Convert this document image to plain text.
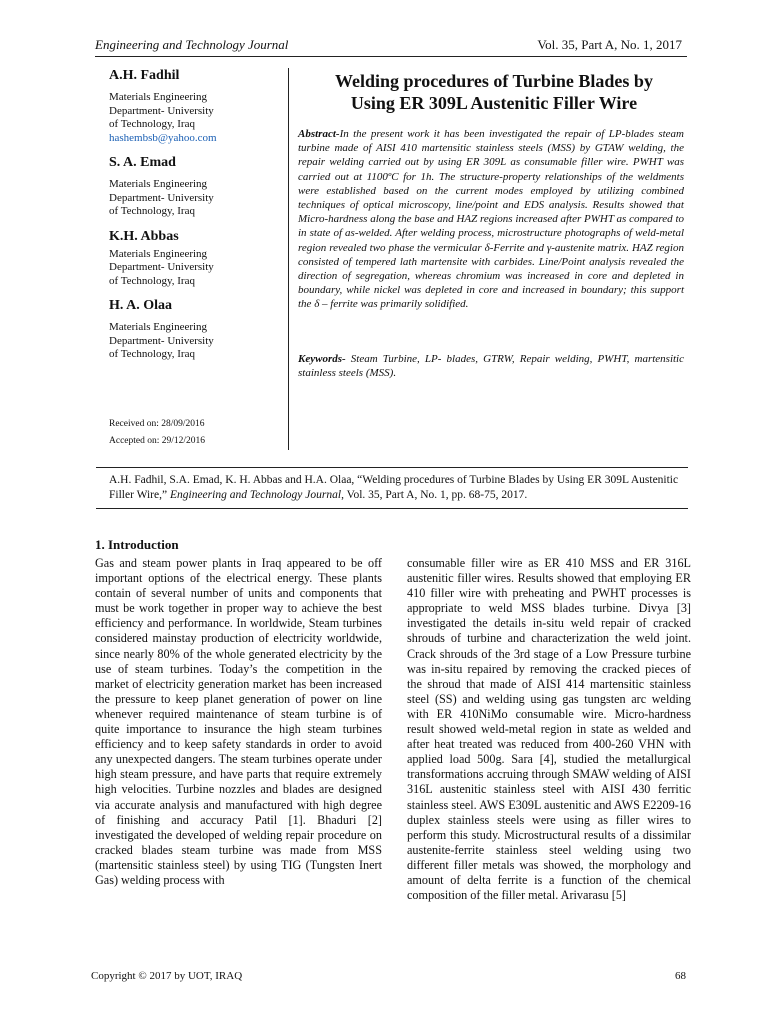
Engineering and Technology Journal	Vol. 35, Part A, No. 1, 2017
A.H. Fadhil
Materials Engineering
Department- University
of Technology, Iraq
hashembsb@yahoo.com
S. A. Emad
Materials Engineering
Department- University
of Technology, Iraq
K.H. Abbas
Materials Engineering
Department- University
of Technology, Iraq
H. A. Olaa
Materials Engineering
Department- University
of Technology, Iraq
Received on: 28/09/2016
Accepted on: 29/12/2016
Welding procedures of Turbine Blades by
Using ER 309L Austenitic Filler Wire
Abstract-In the present work it has been investigated the repair of LP-blades steam turbine made of AISI 410 martensitic stainless steels (MSS) by GTAW welding, the repair welding carried out by using ER 309L as consumable filler wire. PWHT was carried out at 1100ºC for 1h. The structure-property relationships of the weldments were established based on the current modes employed by utilizing combined techniques of optical microscopy, line/point and EDS analysis. Results showed that Micro-hardness along the base and HAZ regions increased after PWHT as compared to in state of as-welded. After welding process, microstructure photographs of weld-metal region revealed two phase the vermicular δ-Ferrite and γ-austenite matrix. HAZ region consisted of tempered lath martensite with carbides. Line/Point analysis revealed the direction of segregation, whereas chromium was increased in core and depleted in boundary, while nickel was depleted in core and increased in boundary; this support the δ – ferrite was primarily solidified.
Keywords- Steam Turbine, LP- blades, GTRW, Repair welding, PWHT, martensitic stainless steels (MSS).
A.H. Fadhil, S.A. Emad, K. H. Abbas and H.A. Olaa, “Welding procedures of Turbine Blades by Using ER 309L Austenitic Filler Wire,” Engineering and Technology Journal, Vol. 35, Part A, No. 1, pp. 68-75, 2017.
1. Introduction
Gas and steam power plants in Iraq appeared to be off important options of the electrical energy. These plants contain of several number of units and components that must be work together in proper way to achieve the best efficiency and performance. In worldwide, Steam turbines considered mainstay production of electricity worldwide, since nearly 80% of the whole generated electricity by the use of steam turbines. Today’s the competition in the market of electricity generation market has been increased the pressure to keep planet generation of power on line whenever required maintenance of steam turbine is of quite importance to insurance the high steam turbines efficiency and to keep safety standards in order to avoid any unexpected dangers. The steam turbines operate under high steam pressure, and have parts that require extremely high velocities. Turbine nozzles and blades are designed via accurate analysis and manufactured with high degree of finishing and accuracy Patil [1]. Bhaduri [2] investigated the developed of welding repair procedure on cracked blades steam turbine was made from MSS (martensitic stainless steel) by using TIG (Tungsten Inert Gas) welding process with
consumable filler wire as ER 410 MSS and ER 316L austenitic filler wires. Results showed that employing ER 410 filler wire with preheating and PWHT processes is appropriate to weld MSS blades turbine. Divya [3] investigated the details in-situ weld repair of cracked shrouds of turbine and characterization the weld joint. Crack shrouds of the 3rd stage of a Low Pressure turbine was in-situ repaired by removing the cracked pieces of the shroud that made of AISI 414 martensitic stainless steel (SS) and welding using gas tungsten arc welding with ER 410NiMo consumable wire. Micro-hardness result showed weld-metal region in state as welded and after heat treated was reduced from 400-260 VHN with applied load 500g. Sara [4], studied the metallurgical transformations accruing through SMAW welding of AISI 316L austenitic stainless steel with AISI 430 ferritic stainless steel. AWS E309L austenitic and AWS E2209-16 duplex stainless steels were using as filler wires to perform this study. Microstructural results of a dissimilar austenite-ferrite stainless steel welding using two different filler metals was showed, the morphology and amount of delta ferrite is a function of the chemical composition of the filler metal. Arivarasu [5]
Copyright © 2017 by UOT, IRAQ	68
